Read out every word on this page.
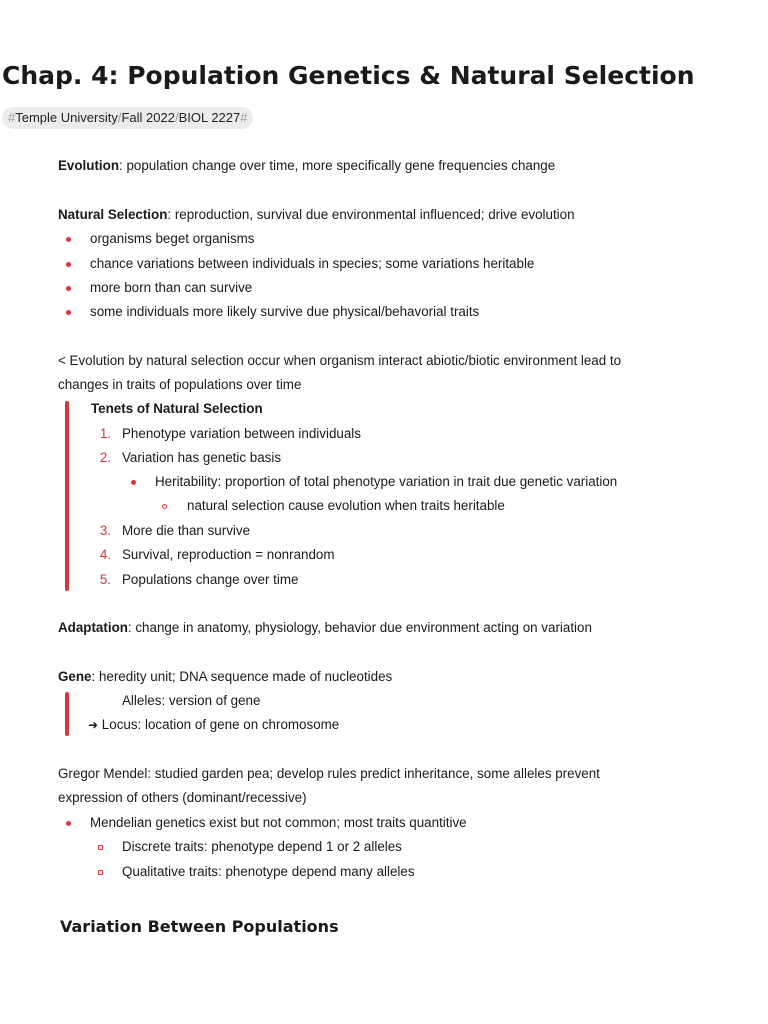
Chap. 4: Population Genetics & Natural Selection
#Temple University/Fall 2022/BIOL 2227#
Evolution: population change over time, more specifically gene frequencies change
Natural Selection: reproduction, survival due environmental influenced; drive evolution
organisms beget organisms
chance variations between individuals in species; some variations heritable
more born than can survive
some individuals more likely survive due physical/behavorial traits
< Evolution by natural selection occur when organism interact abiotic/biotic environment lead to
changes in traits of populations over time
Tenets of Natural Selection
1. Phenotype variation between individuals
2. Variation has genetic basis
Heritability: proportion of total phenotype variation in trait due genetic variation
natural selection cause evolution when traits heritable
3. More die than survive
4. Survival, reproduction = nonrandom
5. Populations change over time
Adaptation: change in anatomy, physiology, behavior due environment acting on variation
Gene: heredity unit; DNA sequence made of nucleotides
Alleles: version of gene
➜ Locus: location of gene on chromosome
Gregor Mendel: studied garden pea; develop rules predict inheritance, some alleles prevent
expression of others (dominant/recessive)
Mendelian genetics exist but not common; most traits quantitive
Discrete traits: phenotype depend 1 or 2 alleles
Qualitative traits: phenotype depend many alleles
Variation Between Populations
